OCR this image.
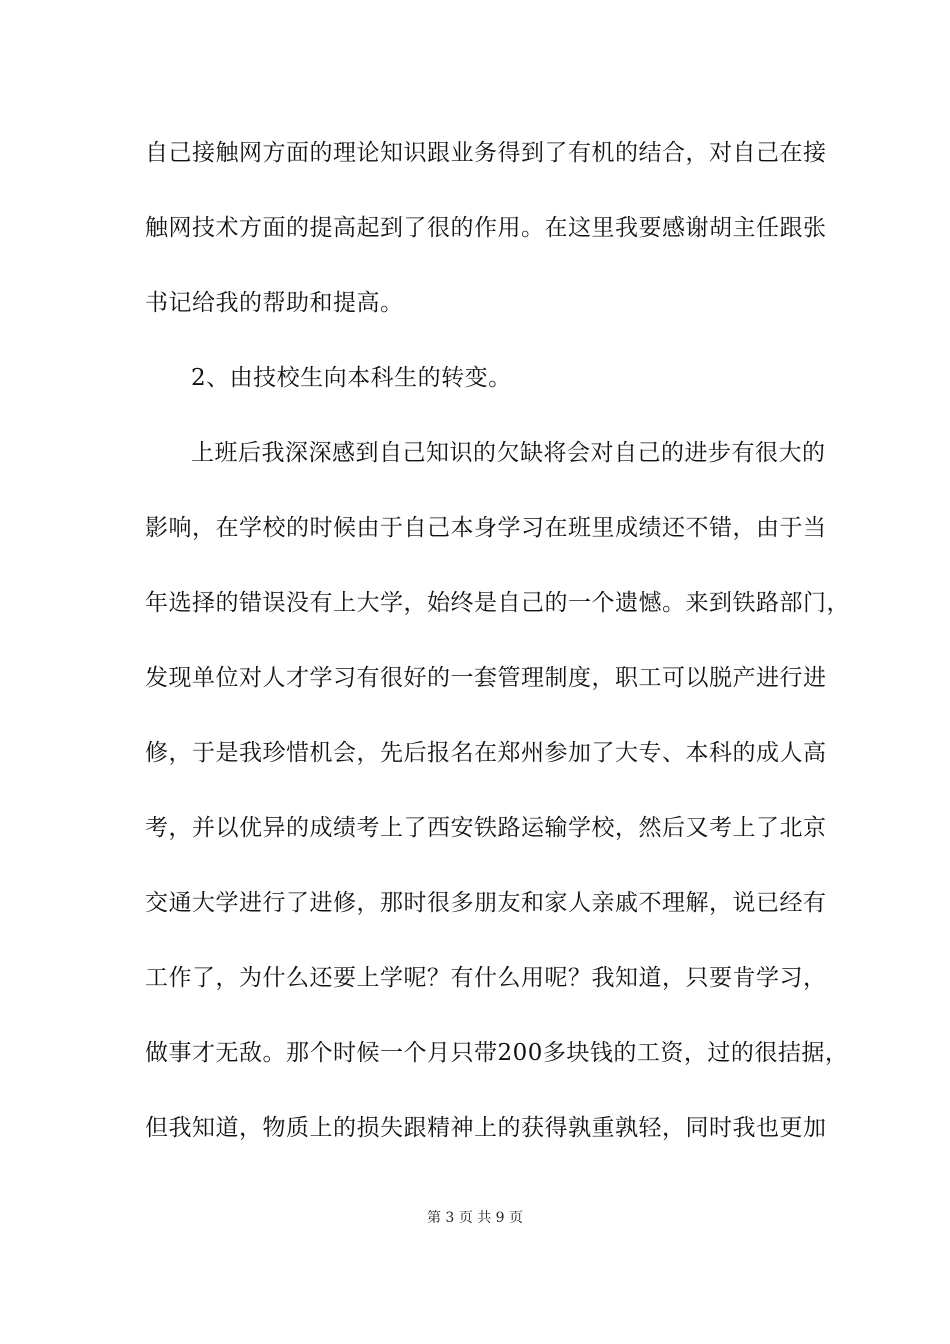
自己接触网方面的理论知识跟业务得到了有机的结合，对自己在接
触网技术方面的提高起到了很的作用。在这里我要感谢胡主任跟张
书记给我的帮助和提高。
2、由技校生向本科生的转变。
上班后我深深感到自己知识的欠缺将会对自己的进步有很大的
影响，在学校的时候由于自己本身学习在班里成绩还不错，由于当
年选择的错误没有上大学，始终是自己的一个遗憾。来到铁路部门，
发现单位对人才学习有很好的一套管理制度，职工可以脱产进行进
修，于是我珍惜机会，先后报名在郑州参加了大专、本科的成人高
考，并以优异的成绩考上了西安铁路运输学校，然后又考上了北京
交通大学进行了进修，那时很多朋友和家人亲戚不理解，说已经有
工作了，为什么还要上学呢？有什么用呢？我知道，只要肯学习，
做事才无敌。那个时候一个月只带200多块钱的工资，过的很拮据，
但我知道，物质上的损失跟精神上的获得孰重孰轻，同时我也更加
第 3 页 共 9 页
